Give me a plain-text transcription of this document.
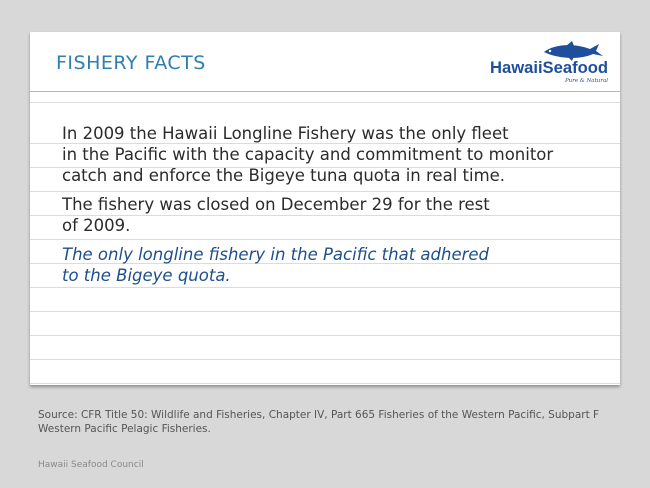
FISHERY FACTS	HawaiiSeafood
Pure & Natural

In 2009 the Hawaii Longline Fishery was the only fleet
in the Pacific with the capacity and commitment to monitor
catch and enforce the Bigeye tuna quota in real time.

The fishery was closed on December 29 for the rest
of 2009.

The only longline fishery in the Pacific that adhered
to the Bigeye quota.

Source: CFR Title 50: Wildlife and Fisheries, Chapter IV, Part 665 Fisheries of the Western Pacific, Subpart F Western Pacific Pelagic Fisheries.
Hawaii Seafood Council
